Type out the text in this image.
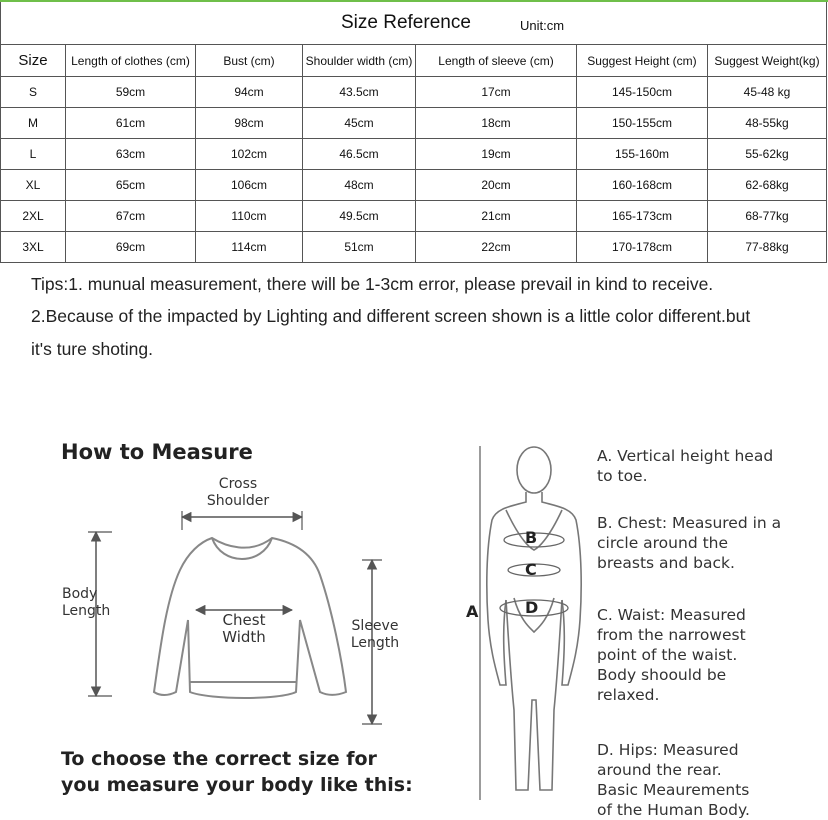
Size Reference Unit:cm						

Size	Length of clothes (cm)	Bust (cm)	Shoulder width (cm)	Length of sleeve (cm)	Suggest Height (cm)	Suggest Weight(kg)
S	59cm	94cm	43.5cm	17cm	145-150cm	45-48 kg
M	61cm	98cm	45cm	18cm	150-155cm	48-55kg
L	63cm	102cm	46.5cm	19cm	155-160m	55-62kg
XL	65cm	106cm	48cm	20cm	160-168cm	62-68kg
2XL	67cm	110cm	49.5cm	21cm	165-173cm	68-77kg
3XL	69cm	114cm	51cm	22cm	170-178cm	77-88kg
Tips:1. munual measurement, there will be 1-3cm error, please prevail in kind to receive.
2.Because of the impacted by Lighting and different screen shown is a little color different.but
it's ture shoting.
How to Measure
Cross
Shoulder
Body
Length	Chest
Width
Sleeve
Length
A
B
C
D
A. Vertical height head
to toe.
B. Chest: Measured in a
circle around the
breasts and back.
C. Waist: Measured
from the narrowest
point of the waist.
Body shoould be
relaxed.
D. Hips: Measured
around the rear.
Basic Meaurements
of the Human Body.
To choose the correct size for
you measure your body like this:
